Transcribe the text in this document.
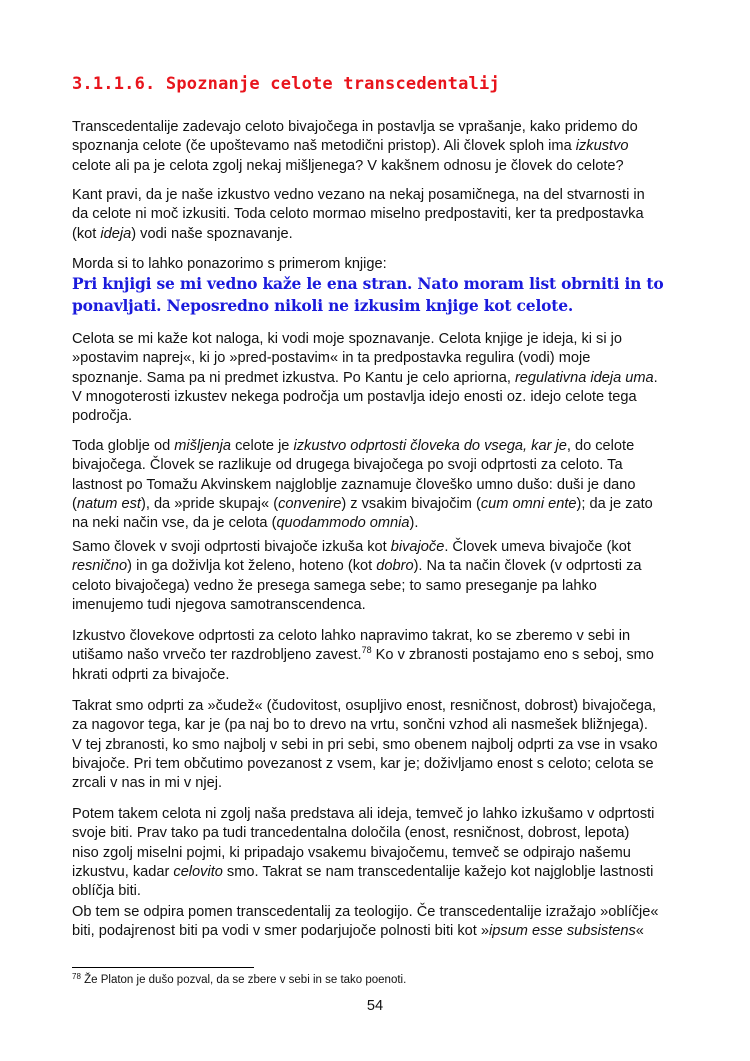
3.1.1.6. Spoznanje celote transcedentalij
Transcedentalije zadevajo celoto bivajočega in postavlja se vprašanje, kako pridemo do
spoznanja celote (če upoštevamo naš metodični pristop). Ali človek sploh ima izkustvo
celote ali pa je celota zgolj nekaj mišljenega? V kakšnem odnosu je človek do celote?
Kant pravi, da je naše izkustvo vedno vezano na nekaj posamičnega, na del stvarnosti in
da celote ni moč izkusiti. Toda celoto mormao miselno predpostaviti, ker ta predpostavka
(kot ideja) vodi naše spoznavanje.
Morda si to lahko ponazorimo s primerom knjige:
Pri knjigi se mi vedno kaže le ena stran. Nato moram list obrniti in to
ponavljati. Neposredno nikoli ne izkusim knjige kot celote.
Celota se mi kaže kot naloga, ki vodi moje spoznavanje. Celota knjige je ideja, ki si jo
»postavim naprej«, ki jo »pred-postavim« in ta predpostavka regulira (vodi) moje
spoznanje. Sama pa ni predmet izkustva. Po Kantu je celo apriorna, regulativna ideja uma.
V mnogoterosti izkustev nekega področja um postavlja idejo enosti oz. idejo celote tega
področja.
Toda globlje od mišljenja celote je izkustvo odprtosti človeka do vsega, kar je, do celote
bivajočega. Človek se razlikuje od drugega bivajočega po svoji odprtosti za celoto. Ta
lastnost po Tomažu Akvinskem najgloblje zaznamuje človeško umno dušo: duši je dano
(natum est), da »pride skupaj« (convenire) z vsakim bivajočim (cum omni ente); da je zato
na neki način vse, da je celota (quodammodo omnia).
Samo človek v svoji odprtosti bivajoče izkuša kot bivajoče. Človek umeva bivajoče (kot
resnično) in ga doživlja kot želeno, hoteno (kot dobro). Na ta način človek (v odprtosti za
celoto bivajočega) vedno že presega samega sebe; to samo preseganje pa lahko
imenujemo tudi njegova samotranscendenca.
Izkustvo človekove odprtosti za celoto lahko napravimo takrat, ko se zberemo v sebi in
utišamo našo vrvečo ter razdrobljeno zavest.$^{78}$ Ko v zbranosti postajamo eno s seboj, smo
hkrati odprti za bivajoče.
Takrat smo odprti za »čudež« (čudovitost, osupljivo enost, resničnost, dobrost) bivajočega,
za nagovor tega, kar je (pa naj bo to drevo na vrtu, sončni vzhod ali nasmešek bližnjega).
V tej zbranosti, ko smo najbolj v sebi in pri sebi, smo obenem najbolj odprti za vse in vsako
bivajoče. Pri tem občutimo povezanost z vsem, kar je; doživljamo enost s celoto; celota se
zrcali v nas in mi v njej.
Potem takem celota ni zgolj naša predstava ali ideja, temveč jo lahko izkušamo v odprtosti
svoje biti. Prav tako pa tudi trancedentalna določila (enost, resničnost, dobrost, lepota)
niso zgolj miselni pojmi, ki pripadajo vsakemu bivajočemu, temveč se odpirajo našemu
izkustvu, kadar celovito smo. Takrat se nam transcedentalije kažejo kot najgloblje lastnosti
oblíčja biti.
Ob tem se odpira pomen transcedentalij za teologijo. Če transcedentalije izražajo »oblíčje«
biti, podajrenost biti pa vodi v smer podarjujoče polnosti biti kot »ipsum esse subsistens«
$^{78}$ Že Platon je dušo pozval, da se zbere v sebi in se tako poenoti.
54
